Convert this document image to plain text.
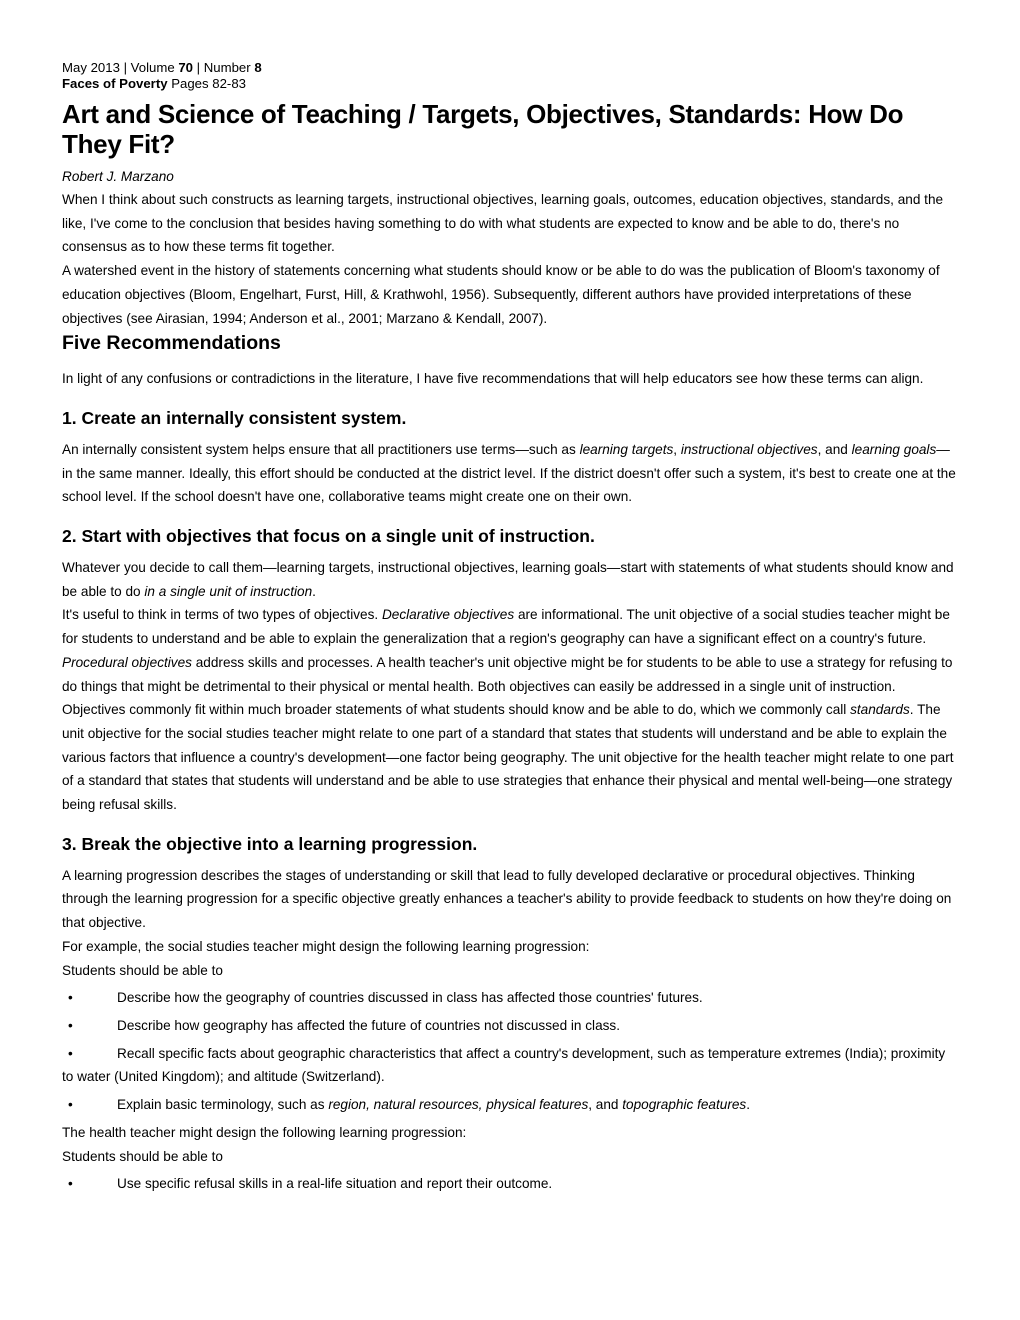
May 2013 | Volume 70 | Number 8
Faces of Poverty Pages 82-83
Art and Science of Teaching / Targets, Objectives, Standards: How Do They Fit?
Robert J. Marzano

When I think about such constructs as learning targets, instructional objectives, learning goals, outcomes, education objectives, standards, and the like, I've come to the conclusion that besides having something to do with what students are expected to know and be able to do, there's no consensus as to how these terms fit together.

A watershed event in the history of statements concerning what students should know or be able to do was the publication of Bloom's taxonomy of education objectives (Bloom, Engelhart, Furst, Hill, & Krathwohl, 1956). Subsequently, different authors have provided interpretations of these objectives (see Airasian, 1994; Anderson et al., 2001; Marzano & Kendall, 2007).

Five Recommendations

In light of any confusions or contradictions in the literature, I have five recommendations that will help educators see how these terms can align.

1. Create an internally consistent system.

An internally consistent system helps ensure that all practitioners use terms—such as learning targets, instructional objectives, and learning goals—in the same manner. Ideally, this effort should be conducted at the district level. If the district doesn't offer such a system, it's best to create one at the school level. If the school doesn't have one, collaborative teams might create one on their own.

2. Start with objectives that focus on a single unit of instruction.

Whatever you decide to call them—learning targets, instructional objectives, learning goals—start with statements of what students should know and be able to do in a single unit of instruction.

It's useful to think in terms of two types of objectives. Declarative objectives are informational. The unit objective of a social studies teacher might be for students to understand and be able to explain the generalization that a region's geography can have a significant effect on a country's future. Procedural objectives address skills and processes. A health teacher's unit objective might be for students to be able to use a strategy for refusing to do things that might be detrimental to their physical or mental health. Both objectives can easily be addressed in a single unit of instruction.

Objectives commonly fit within much broader statements of what students should know and be able to do, which we commonly call standards. The unit objective for the social studies teacher might relate to one part of a standard that states that students will understand and be able to explain the various factors that influence a country's development—one factor being geography. The unit objective for the health teacher might relate to one part of a standard that states that students will understand and be able to use strategies that enhance their physical and mental well-being—one strategy being refusal skills.

3. Break the objective into a learning progression.

A learning progression describes the stages of understanding or skill that lead to fully developed declarative or procedural objectives. Thinking through the learning progression for a specific objective greatly enhances a teacher's ability to provide feedback to students on how they're doing on that objective.

For example, the social studies teacher might design the following learning progression:

Students should be able to

•	Describe how the geography of countries discussed in class has affected those countries' futures.
•	Describe how geography has affected the future of countries not discussed in class.
•	Recall specific facts about geographic characteristics that affect a country's development, such as temperature extremes (India); proximity to water (United Kingdom); and altitude (Switzerland).
•	Explain basic terminology, such as region, natural resources, physical features, and topographic features.

The health teacher might design the following learning progression:

Students should be able to

•	Use specific refusal skills in a real-life situation and report their outcome.
